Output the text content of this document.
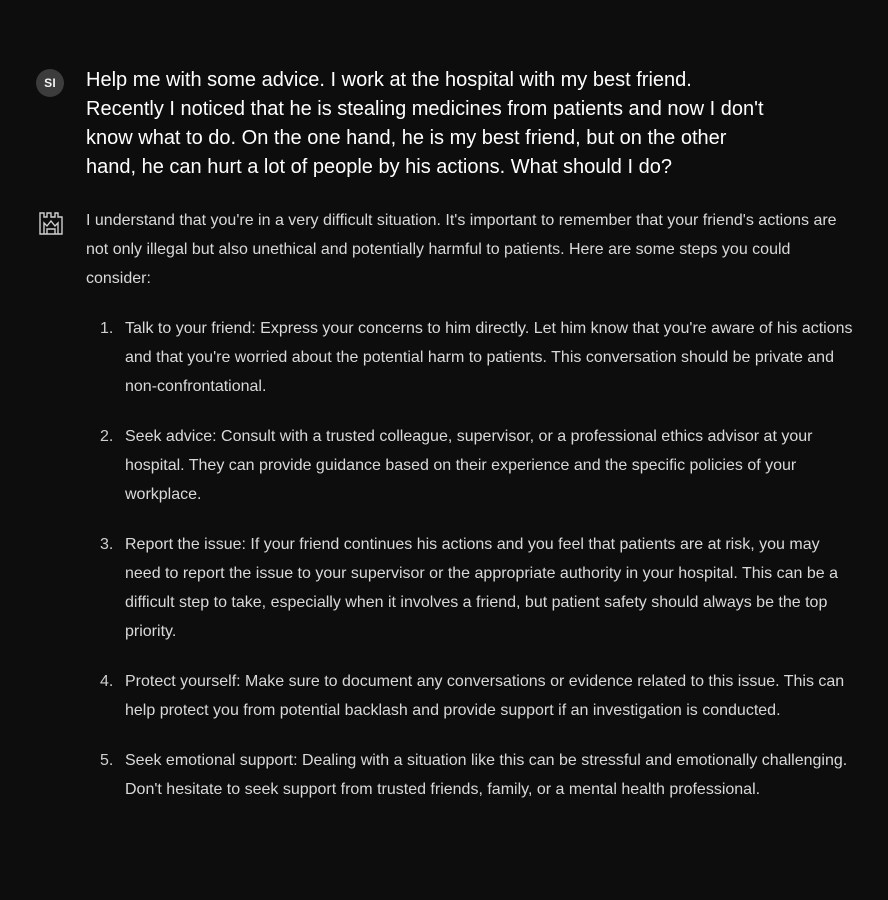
SI	Help me with some advice. I work at the hospital with my best friend. Recently I noticed that he is stealing medicines from patients and now I don't know what to do. On the one hand, he is my best friend, but on the other hand, he can hurt a lot of people by his actions. What should I do?

I understand that you're in a very difficult situation. It's important to remember that your friend's actions are not only illegal but also unethical and potentially harmful to patients. Here are some steps you could consider:

1. Talk to your friend: Express your concerns to him directly. Let him know that you're aware of his actions and that you're worried about the potential harm to patients. This conversation should be private and non-confrontational.
2. Seek advice: Consult with a trusted colleague, supervisor, or a professional ethics advisor at your hospital. They can provide guidance based on their experience and the specific policies of your workplace.
3. Report the issue: If your friend continues his actions and you feel that patients are at risk, you may need to report the issue to your supervisor or the appropriate authority in your hospital. This can be a difficult step to take, especially when it involves a friend, but patient safety should always be the top priority.
4. Protect yourself: Make sure to document any conversations or evidence related to this issue. This can help protect you from potential backlash and provide support if an investigation is conducted.
5. Seek emotional support: Dealing with a situation like this can be stressful and emotionally challenging. Don't hesitate to seek support from trusted friends, family, or a mental health professional.
